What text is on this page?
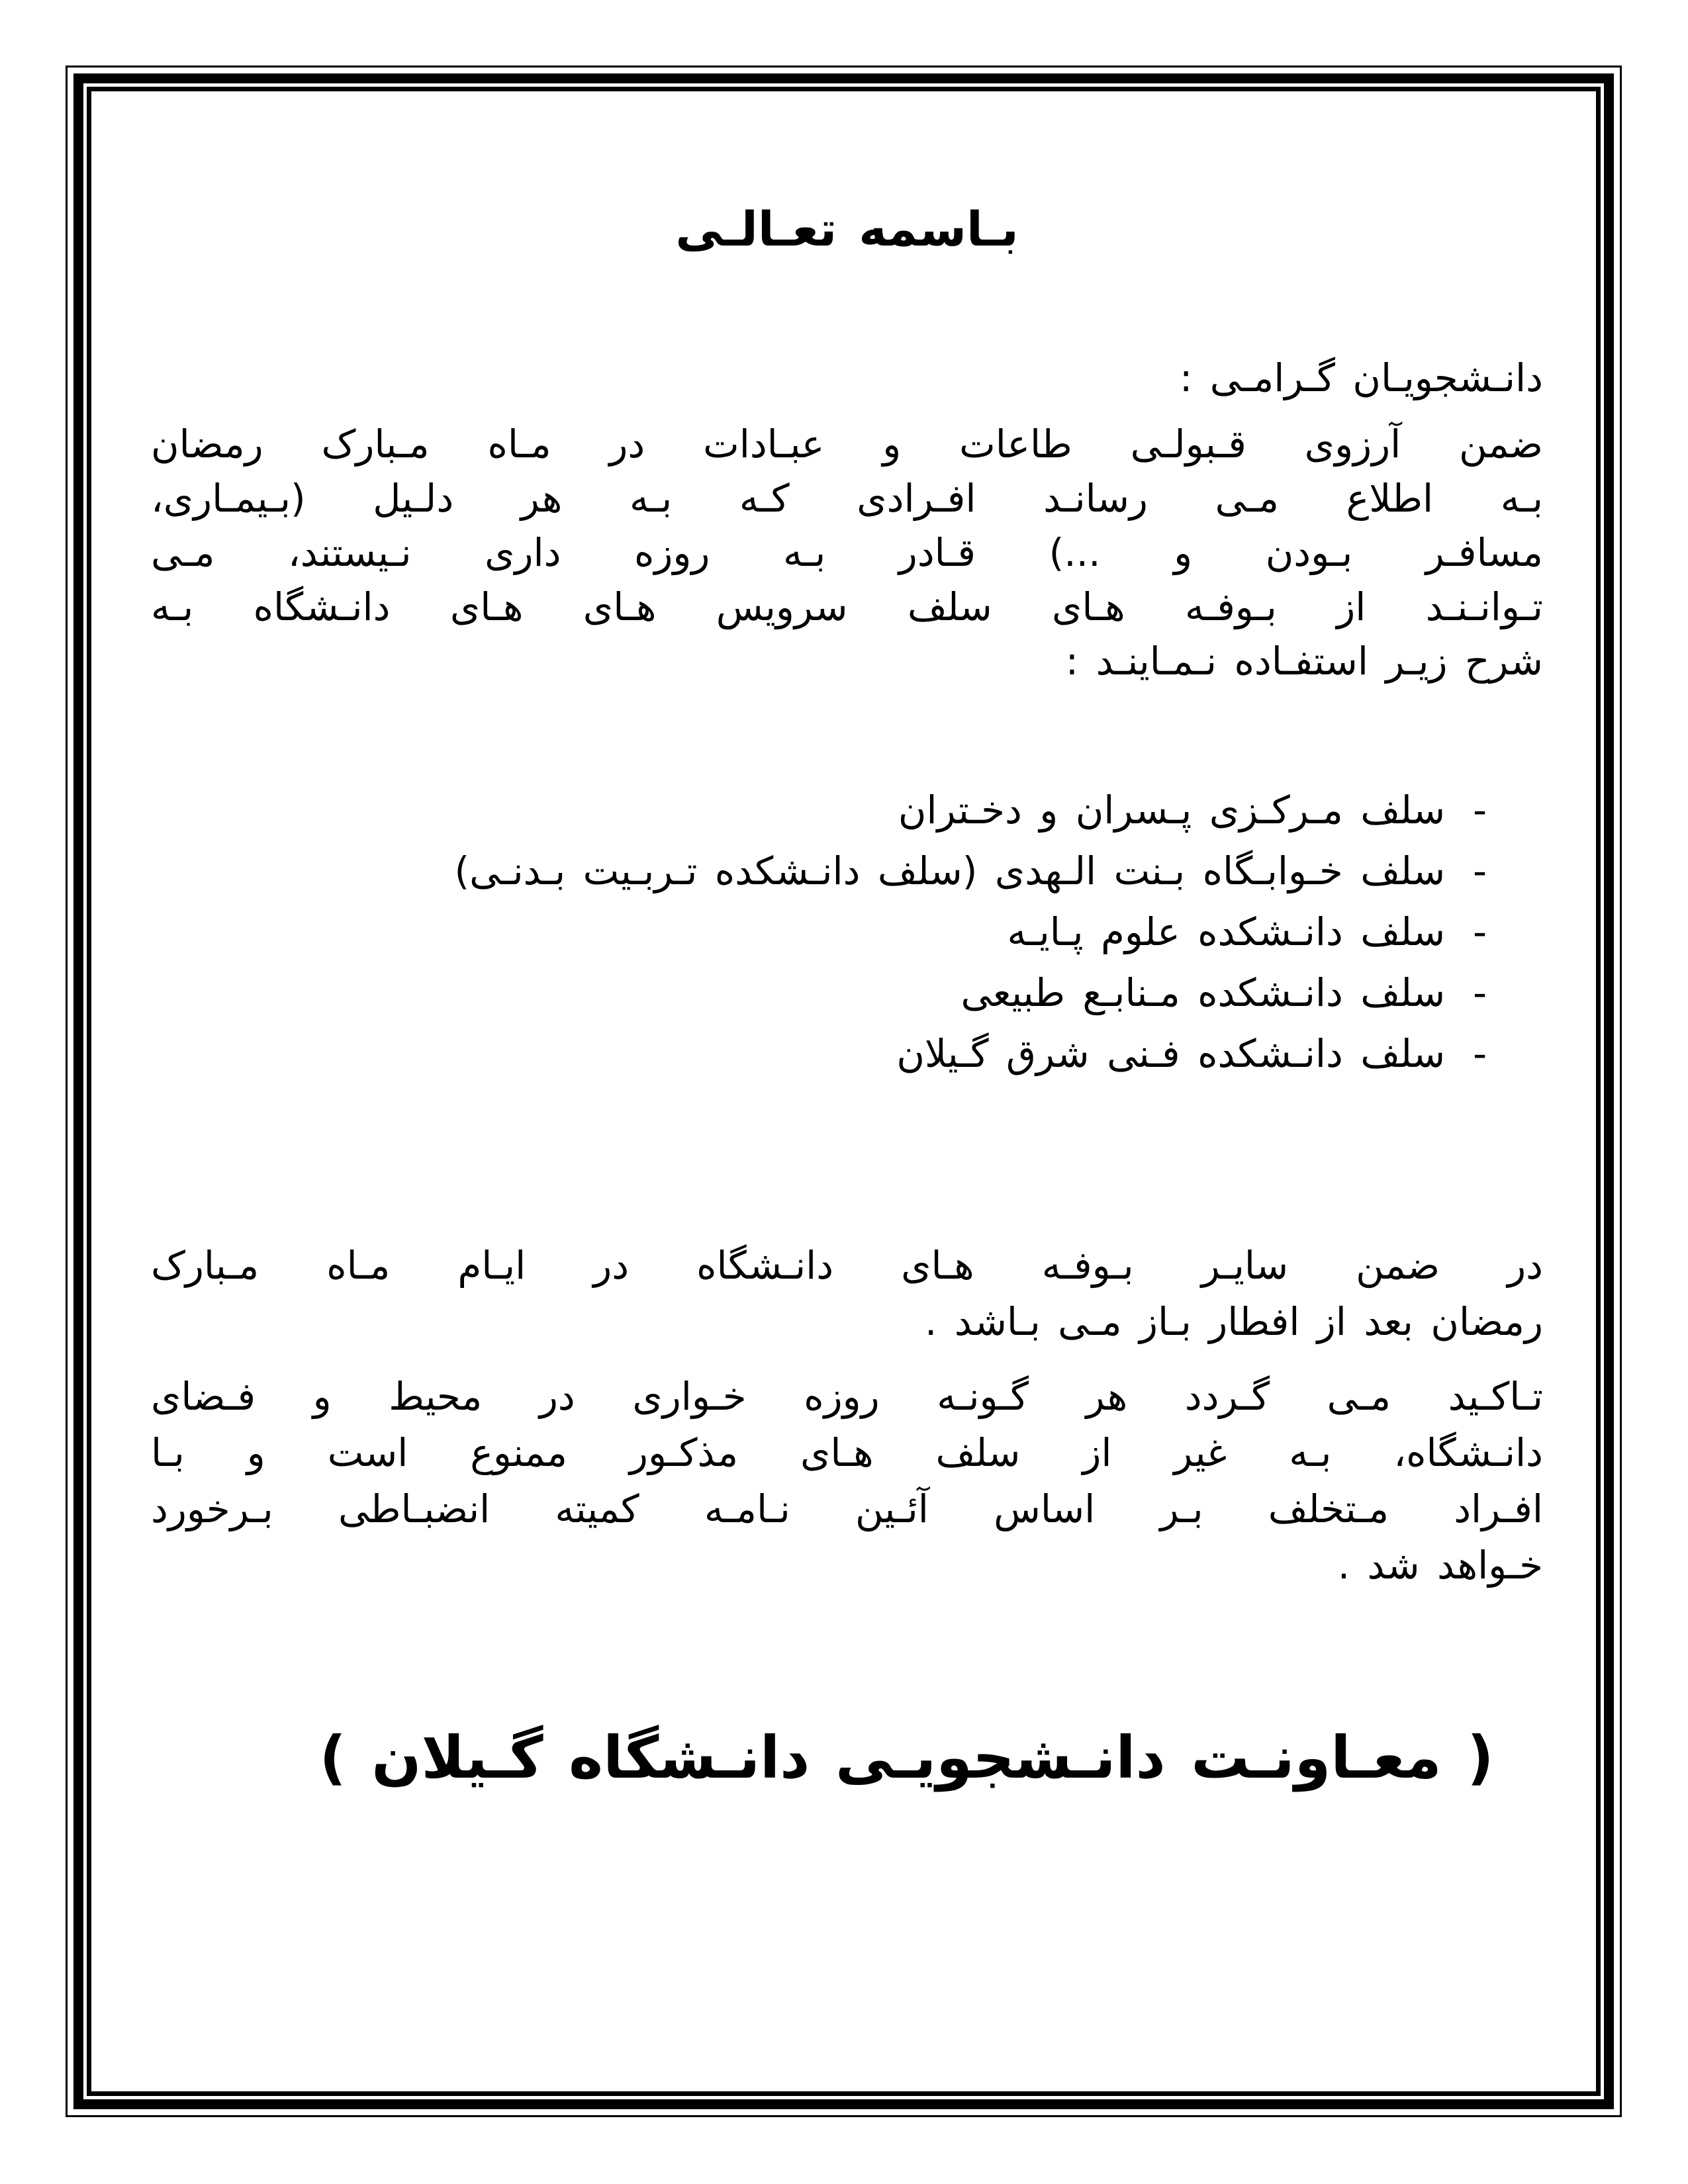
بـاسمه تعـالـی
دانـشجویـان گـرامـی :
ضمن آرزوی قـبولـی طاعات و عبـادات در مـاه مـبارک رمضان
بـه اطلاع مـی رسانـد افـرادی کـه بـه هر دلـیل (بـیمـاری،
مسافـر بـودن و ...) قـادر بـه روزه داری نـیستند، مـی
تـوانـنـد از بـوفـه هـای سلف سرویس هـای هـای دانـشگاه بـه
شرح زیـر استفـاده نـمـاینـد :
-سلف مـرکـزی پـسران و دخـتران
-سلف خـوابـگاه بـنت الـهدی (سلف دانـشکده تـربـیت بـدنـی)
-سلف دانـشکده علوم پـایـه
-سلف دانـشکده مـنابـع طبیعی
-سلف دانـشکده فـنی شرق گـیلان
در ضمن سایـر بـوفـه هـای دانـشگاه در ایـام مـاه مـبارک
رمضان بعد از افطار بـاز مـی بـاشد .
تـاکـید مـی گـردد هر گـونـه روزه خـواری در محیط و فـضای
دانـشگاه، بـه غیر از سلف هـای مذکـور ممنوع است و بـا
افـراد مـتخلف بـر اساس آئـین نـامـه کمیته انضبـاطی بـرخورد
خـواهد شد .
( معـاونـت دانـشجویـی دانـشگاه گـیلان )
